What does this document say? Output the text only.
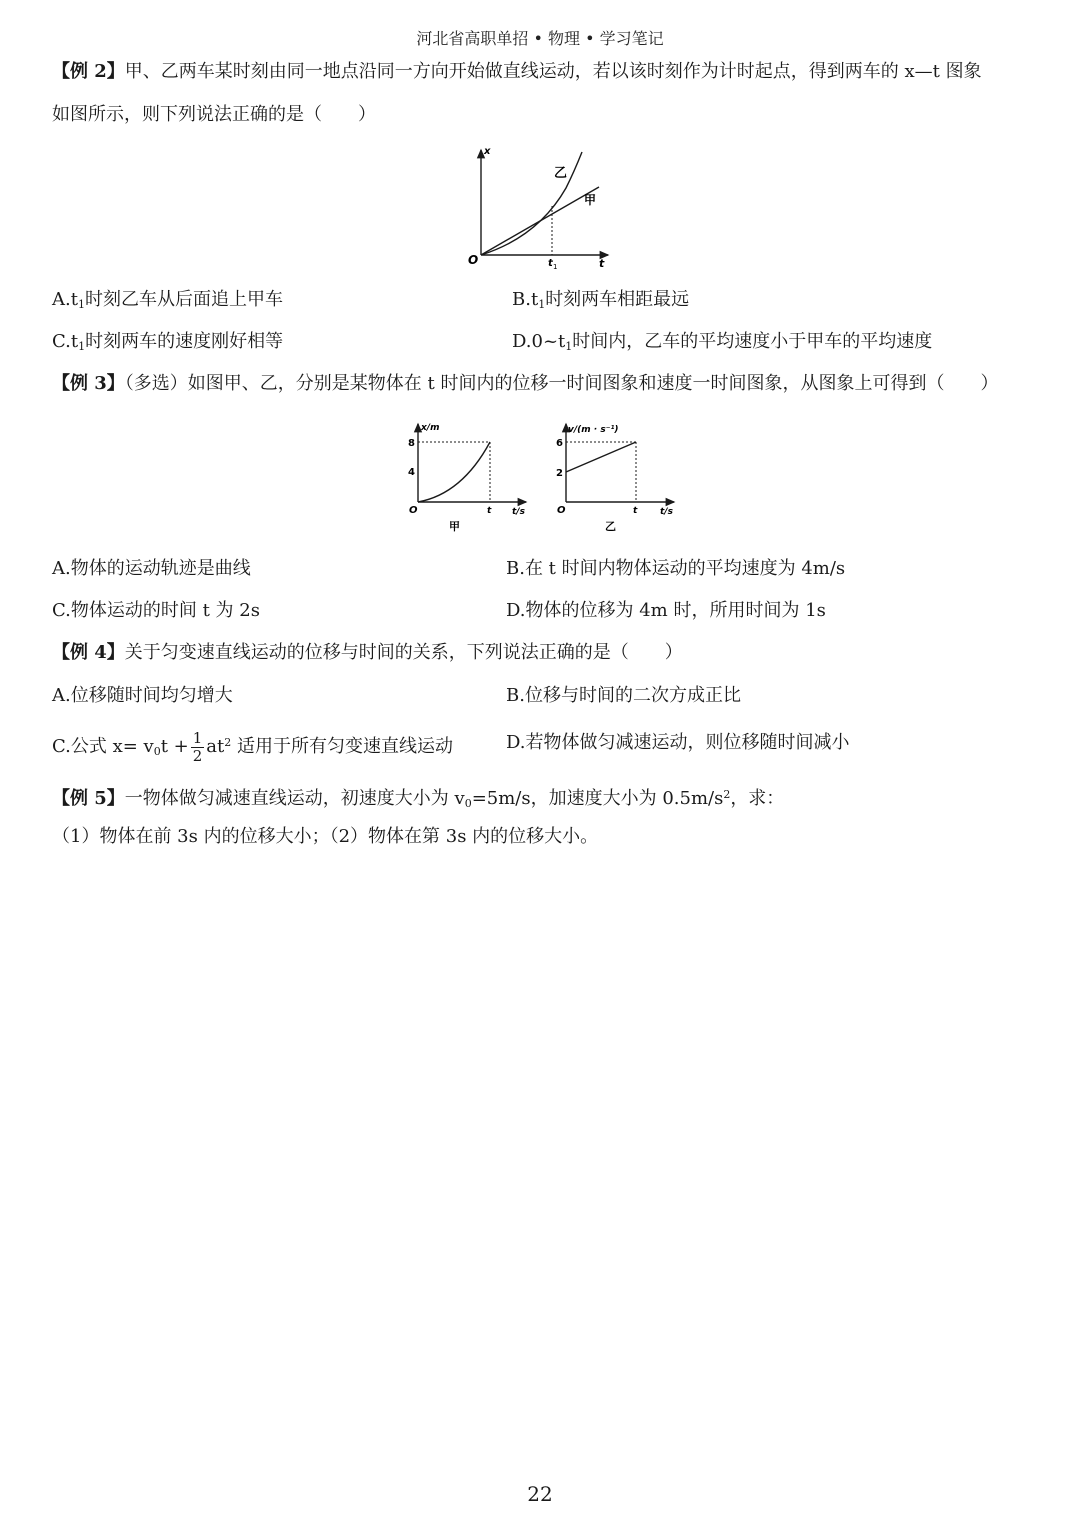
河北省高职单招 • 物理 • 学习笔记
【例 2】甲、乙两车某时刻由同一地点沿同一方向开始做直线运动，若以该时刻作为计时起点，得到两车的 x—t 图象
如图所示，则下列说法正确的是（　　）
x
t
O	t 1
乙
甲
$A.t_1$时刻乙车从后面追上甲车	$B.t_1$时刻两车相距最远
$C.t_1$时刻两车的速度刚好相等	$D.0\sim t_1$时间内，乙车的平均速度小于甲车的平均速度
【例 3】（多选）如图甲、乙，分别是某物体在 t 时间内的位移一时间图象和速度一时间图象，从图象上可得到（　　）
x/m
8
4
O	t t/s
甲
v/(m · s⁻¹)
6
2
O	t	t/s
乙
A.物体的运动轨迹是曲线	B.在 t 时间内物体运动的平均速度为 4m/s
C.物体运动的时间 t 为 2s	D.物体的位移为 4m 时，所用时间为 1s
【例 4】关于匀变速直线运动的位移与时间的关系，下列说法正确的是（　　）
A.位移随时间均匀增大	B.位移与时间的二次方成正比
C.公式 $x= v_0t + \frac{1}{2} at^2$ 适用于所有匀变速直线运动	D.若物体做匀减速运动，则位移随时间减小
【例 5】一物体做匀减速直线运动，初速度大小为 $v_0=5m/s$，加速度大小为 $0.5m/s^2$，求：
（1）物体在前 3s 内的位移大小；（2）物体在第 3s 内的位移大小。
22
